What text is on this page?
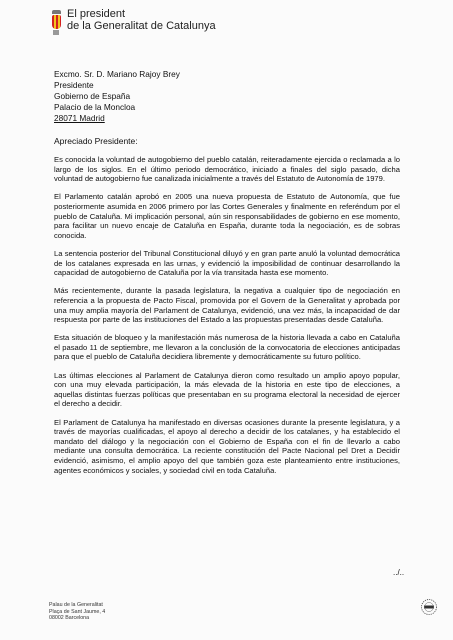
El president
de la Generalitat de Catalunya
Excmo. Sr. D. Mariano Rajoy Brey
Presidente
Gobierno de España
Palacio de la Moncloa
28071 Madrid
Apreciado Presidente:

Es conocida la voluntad de autogobierno del pueblo catalán, reiteradamente ejercida o reclamada a lo largo de los siglos. En el último periodo democrático, iniciado a finales del siglo pasado, dicha voluntad de autogobierno fue canalizada inicialmente a través del Estatuto de Autonomía de 1979.

El Parlamento catalán aprobó en 2005 una nueva propuesta de Estatuto de Autonomía, que fue posteriormente asumida en 2006 primero por las Cortes Generales y finalmente en referéndum por el pueblo de Cataluña. Mi implicación personal, aún sin responsabilidades de gobierno en ese momento, para facilitar un nuevo encaje de Cataluña en España, durante toda la negociación, es de sobras conocida.

La sentencia posterior del Tribunal Constitucional diluyó y en gran parte anuló la voluntad democrática de los catalanes expresada en las urnas, y evidenció la imposibilidad de continuar desarrollando la capacidad de autogobierno de Cataluña por la vía transitada hasta ese momento.

Más recientemente, durante la pasada legislatura, la negativa a cualquier tipo de negociación en referencia a la propuesta de Pacto Fiscal, promovida por el Govern de la Generalitat y aprobada por una muy amplia mayoría del Parlament de Catalunya, evidenció, una vez más, la incapacidad de dar respuesta por parte de las instituciones del Estado a las propuestas presentadas desde Cataluña.

Esta situación de bloqueo y la manifestación más numerosa de la historia llevada a cabo en Cataluña el pasado 11 de septiembre, me llevaron a la conclusión de la convocatoria de elecciones anticipadas para que el pueblo de Cataluña decidiera libremente y democráticamente su futuro político.

Las últimas elecciones al Parlament de Catalunya dieron como resultado un amplio apoyo popular, con una muy elevada participación, la más elevada de la historia en este tipo de elecciones, a aquellas distintas fuerzas políticas que presentaban en su programa electoral la necesidad de ejercer el derecho a decidir.

El Parlament de Catalunya ha manifestado en diversas ocasiones durante la presente legislatura, y a través de mayorías cualificadas, el apoyo al derecho a decidir de los catalanes, y ha establecido el mandato del diálogo y la negociación con el Gobierno de España con el fin de llevarlo a cabo mediante una consulta democrática. La reciente constitución del Pacte Nacional pel Dret a Decidir evidenció, asimismo, el amplio apoyo del que también goza este planteamiento entre instituciones, agentes económicos y sociales, y sociedad civil en toda Cataluña.

../..
Palau de la Generalitat
Plaça de Sant Jaume, 4
08002 Barcelona
